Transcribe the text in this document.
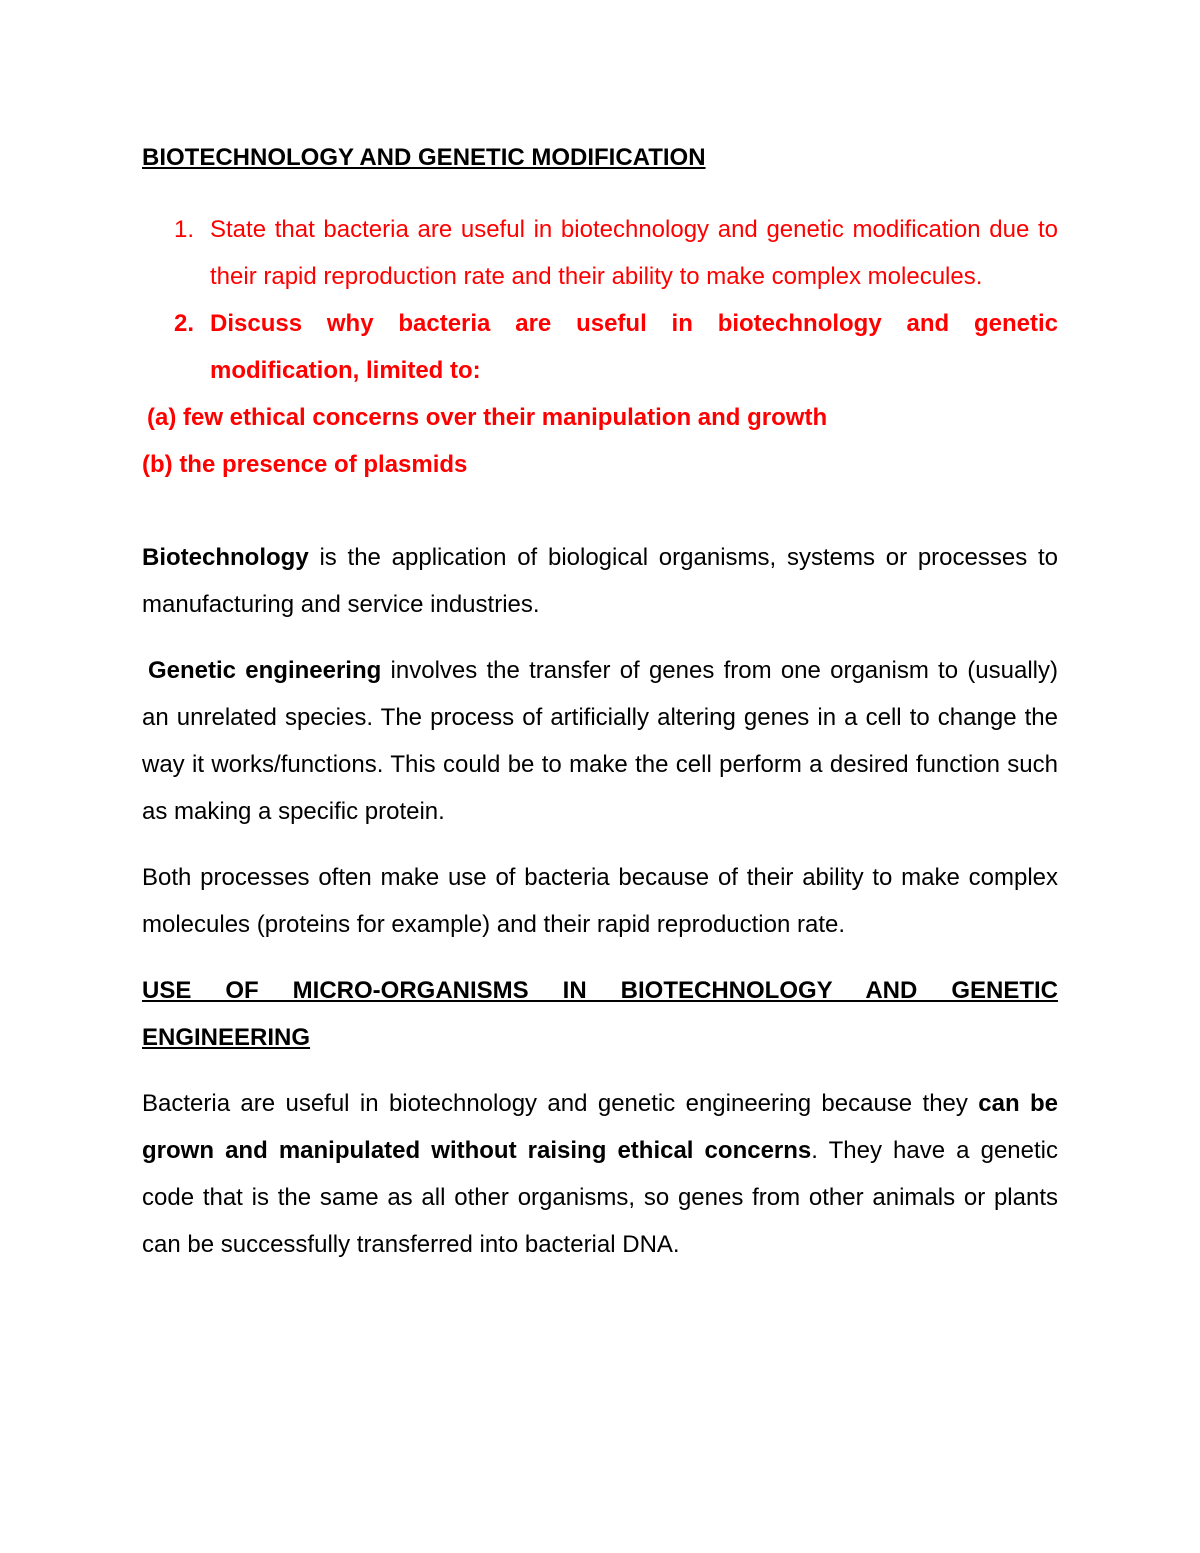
BIOTECHNOLOGY AND GENETIC MODIFICATION

1. State that bacteria are useful in biotechnology and genetic modification due to their rapid reproduction rate and their ability to make complex molecules.
2. Discuss why bacteria are useful in biotechnology and genetic modification, limited to:

(a) few ethical concerns over their manipulation and growth

(b) the presence of plasmids

Biotechnology is the application of biological organisms, systems or processes to manufacturing and service industries.

Genetic engineering involves the transfer of genes from one organism to (usually) an unrelated species. The process of artificially altering genes in a cell to change the way it works/functions. This could be to make the cell perform a desired function such as making a specific protein.

Both processes often make use of bacteria because of their ability to make complex molecules (proteins for example) and their rapid reproduction rate.

USE OF MICRO-ORGANISMS IN BIOTECHNOLOGY AND GENETIC ENGINEERING

Bacteria are useful in biotechnology and genetic engineering because they can be grown and manipulated without raising ethical concerns. They have a genetic code that is the same as all other organisms, so genes from other animals or plants can be successfully transferred into bacterial DNA.
